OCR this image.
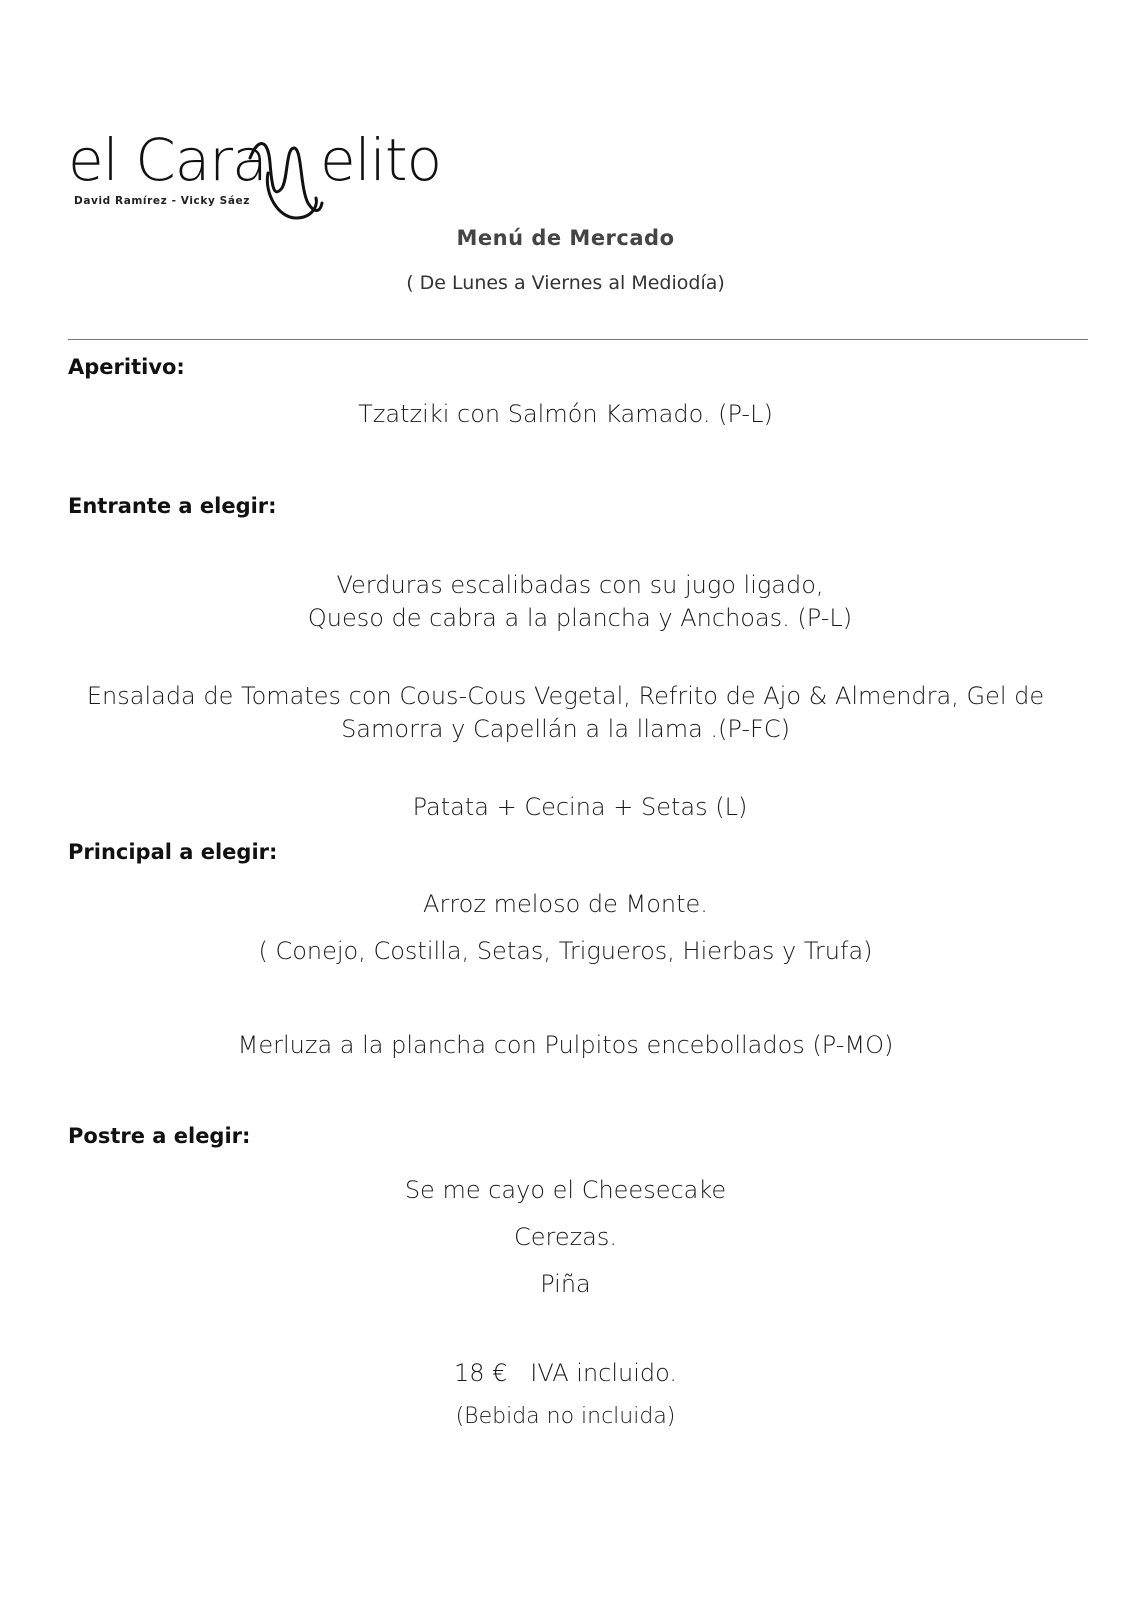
el Cara elito
David Ramírez - Vicky Sáez
Menú de Mercado
( De Lunes a Viernes al Mediodía)
Aperitivo:
Tzatziki con Salmón Kamado. (P-L)
Entrante a elegir:
Verduras escalibadas con su jugo ligado,
Queso de cabra a la plancha y Anchoas. (P-L)
Ensalada de Tomates con Cous-Cous Vegetal, Refrito de Ajo & Almendra, Gel de
Samorra y Capellán a la llama .(P-FC)
Patata + Cecina + Setas (L)
Principal a elegir:
Arroz meloso de Monte.
( Conejo, Costilla, Setas, Trigueros, Hierbas y Trufa)
Merluza a la plancha con Pulpitos encebollados (P-MO)
Postre a elegir:
Se me cayo el Cheesecake
Cerezas.
Piña
18 €   IVA incluido.
(Bebida no incluida)
